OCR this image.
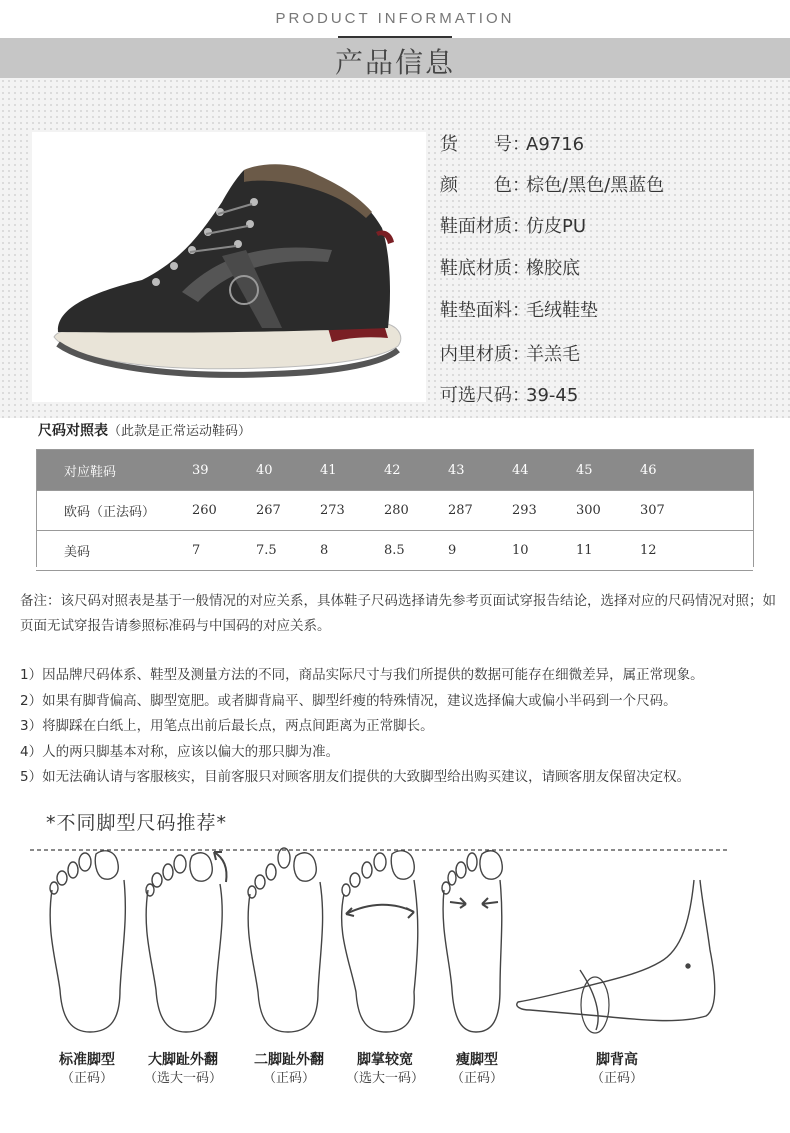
PRODUCT INFORMATION
产品信息
货　　号：A9716
颜　　色：棕色/黑色/黑蓝色
鞋面材质：仿皮PU
鞋底材质：橡胶底
鞋垫面料：毛绒鞋垫
内里材质：羊羔毛
可选尺码：39-45
尺码对照表（此款是正常运动鞋码）
对应鞋码	39	40	41	42	43	44	45	46	
欧码（正法码）	260	267	273	280	287	293	300	307	
美码	7	7.5	8	8.5	9	10	11	12	
备注：该尺码对照表是基于一般情况的对应关系，具体鞋子尺码选择请先参考页面试穿报告结论，选择对应的尺码情况对照；如页面无试穿报告请参照标准码与中国码的对应关系。
1）因品牌尺码体系、鞋型及测量方法的不同，商品实际尺寸与我们所提供的数据可能存在细微差异，属正常现象。
2）如果有脚背偏高、脚型宽肥。或者脚背扁平、脚型纤瘦的特殊情况，建议选择偏大或偏小半码到一个尺码。
3）将脚踩在白纸上，用笔点出前后最长点，两点间距离为正常脚长。
4）人的两只脚基本对称，应该以偏大的那只脚为准。
5）如无法确认请与客服核实，目前客服只对顾客朋友们提供的大致脚型给出购买建议，请顾客朋友保留决定权。
*不同脚型尺码推荐*
标准脚型
（正码）
大脚趾外翻
（选大一码）
二脚趾外翻
（正码）
脚掌较宽
（选大一码）
瘦脚型
（正码）
脚背高
（正码）
